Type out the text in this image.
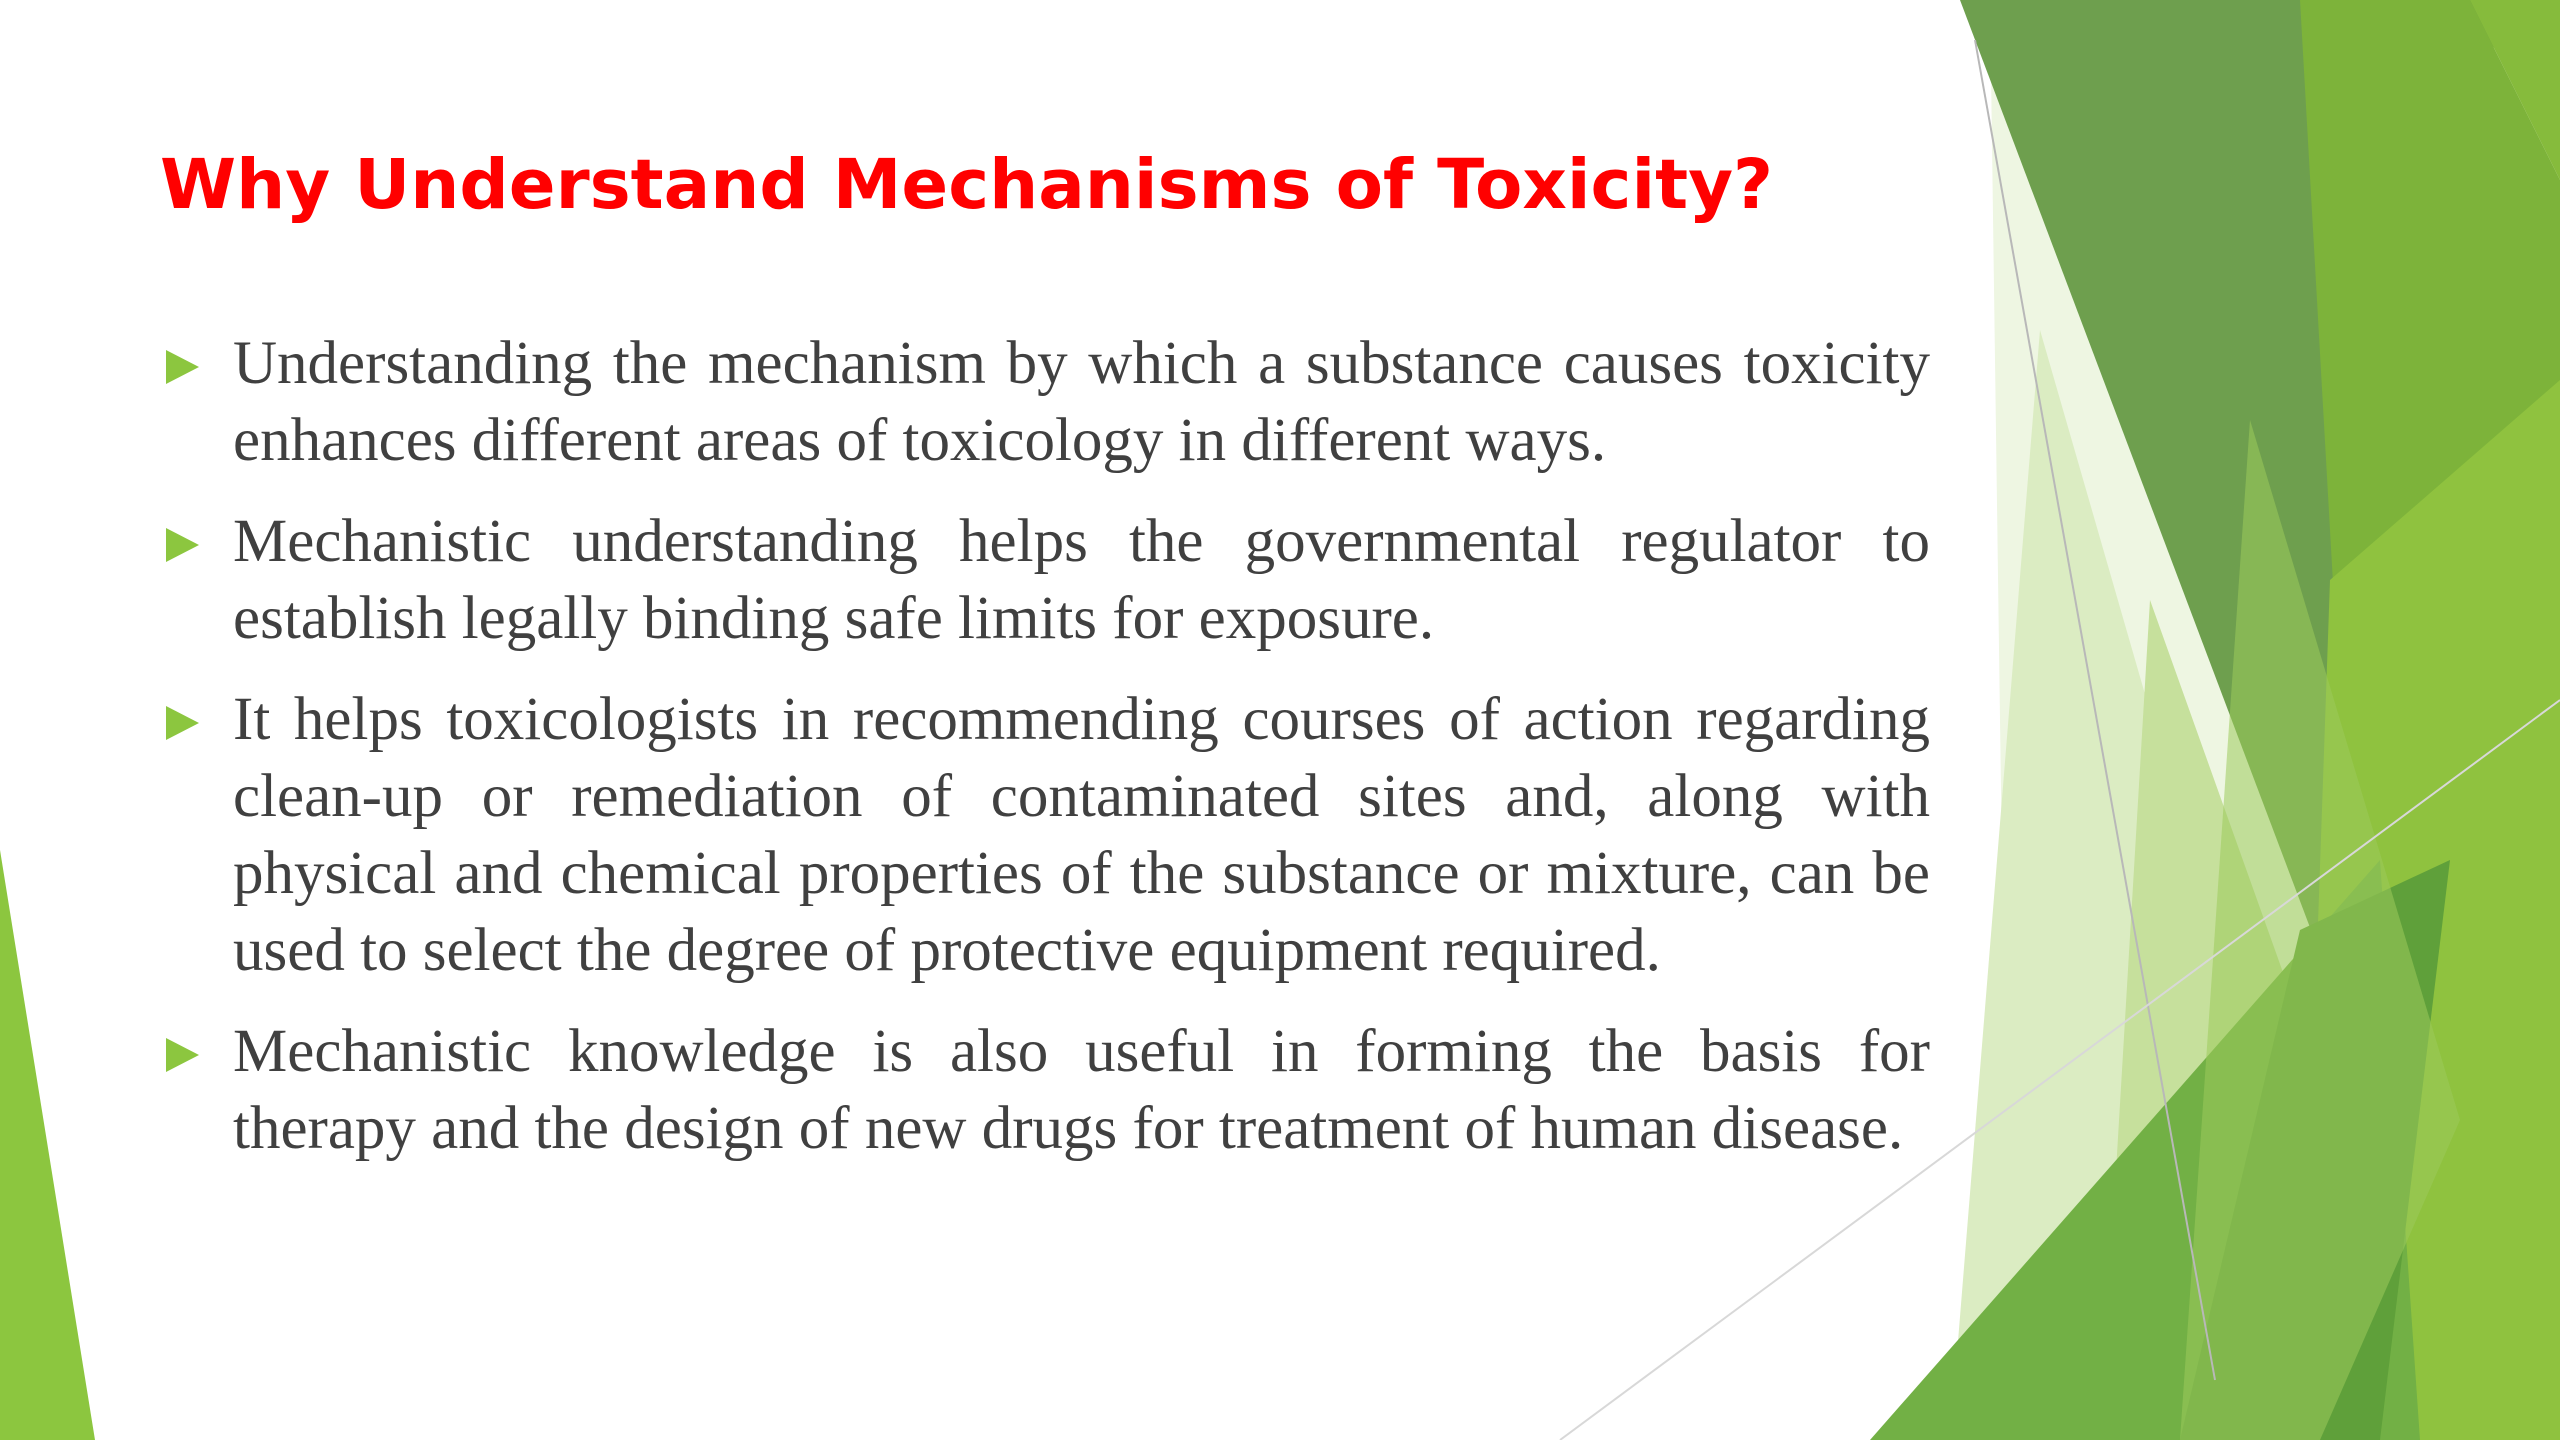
Why Understand Mechanisms of Toxicity?
Understanding the mechanism by which a substance causes toxicity enhances different areas of toxicology in different ways.
Mechanistic understanding helps the governmental regulator to establish legally binding safe limits for exposure.
It helps toxicologists in recommending courses of action regarding clean-up or remediation of contaminated sites and, along with physical and chemical properties of the substance or mixture, can be used to select the degree of protective equipment required.
Mechanistic knowledge is also useful in forming the basis for therapy and the design of new drugs for treatment of human disease.
